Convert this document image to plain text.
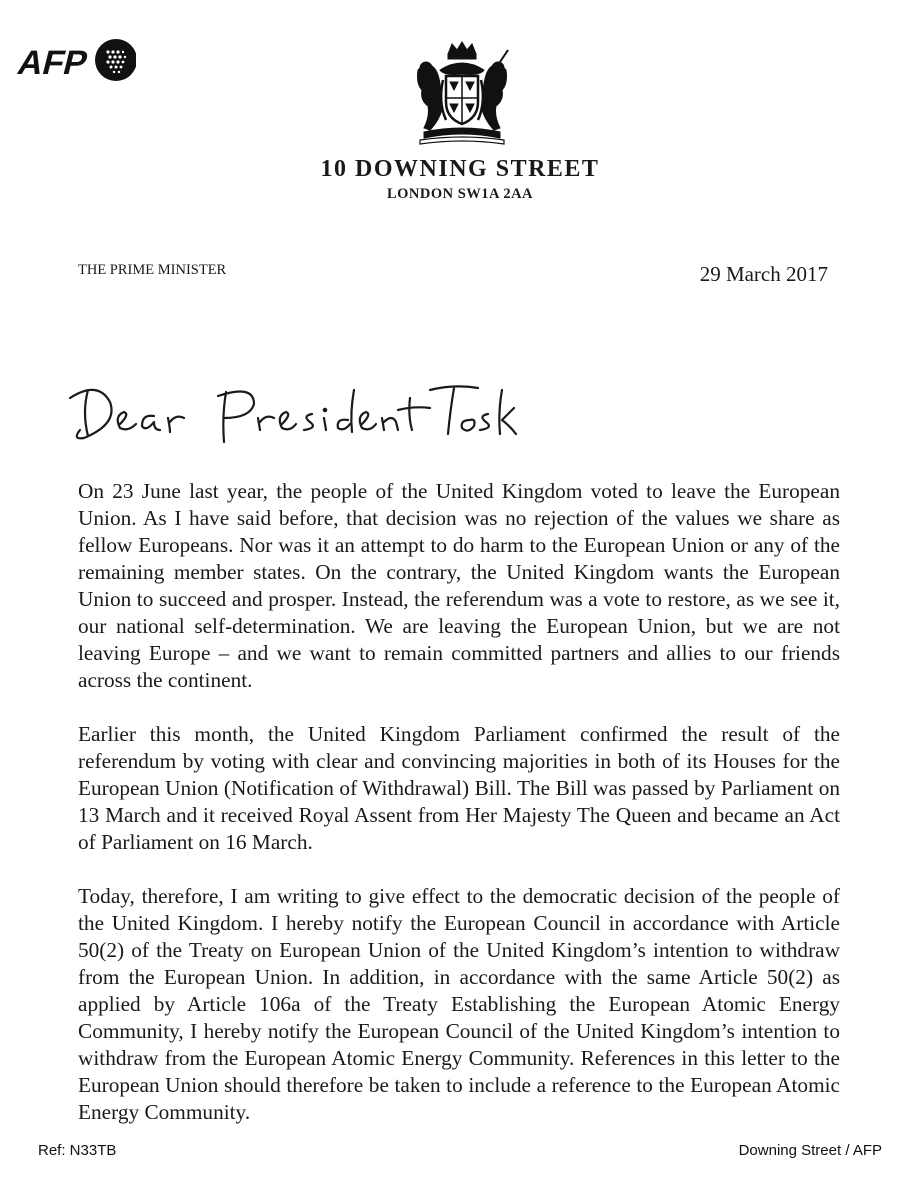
AFP
10 DOWNING STREET
LONDON SW1A 2AA
THE PRIME MINISTER	29 March 2017

On 23 June last year, the people of the United Kingdom voted to leave the European Union. As I have said before, that decision was no rejection of the values we share as fellow Europeans. Nor was it an attempt to do harm to the European Union or any of the remaining member states. On the contrary, the United Kingdom wants the European Union to succeed and prosper. Instead, the referendum was a vote to restore, as we see it, our national self-determination. We are leaving the European Union, but we are not leaving Europe – and we want to remain committed partners and allies to our friends across the continent.

Earlier this month, the United Kingdom Parliament confirmed the result of the referendum by voting with clear and convincing majorities in both of its Houses for the European Union (Notification of Withdrawal) Bill. The Bill was passed by Parliament on 13 March and it received Royal Assent from Her Majesty The Queen and became an Act of Parliament on 16 March.

Today, therefore, I am writing to give effect to the democratic decision of the people of the United Kingdom. I hereby notify the European Council in accordance with Article 50(2) of the Treaty on European Union of the United Kingdom’s intention to withdraw from the European Union. In addition, in accordance with the same Article 50(2) as applied by Article 106a of the Treaty Establishing the European Atomic Energy Community, I hereby notify the European Council of the United Kingdom’s intention to withdraw from the European Atomic Energy Community. References in this letter to the European Union should therefore be taken to include a reference to the European Atomic Energy Community.

Ref: N33TB	Downing Street / AFP
